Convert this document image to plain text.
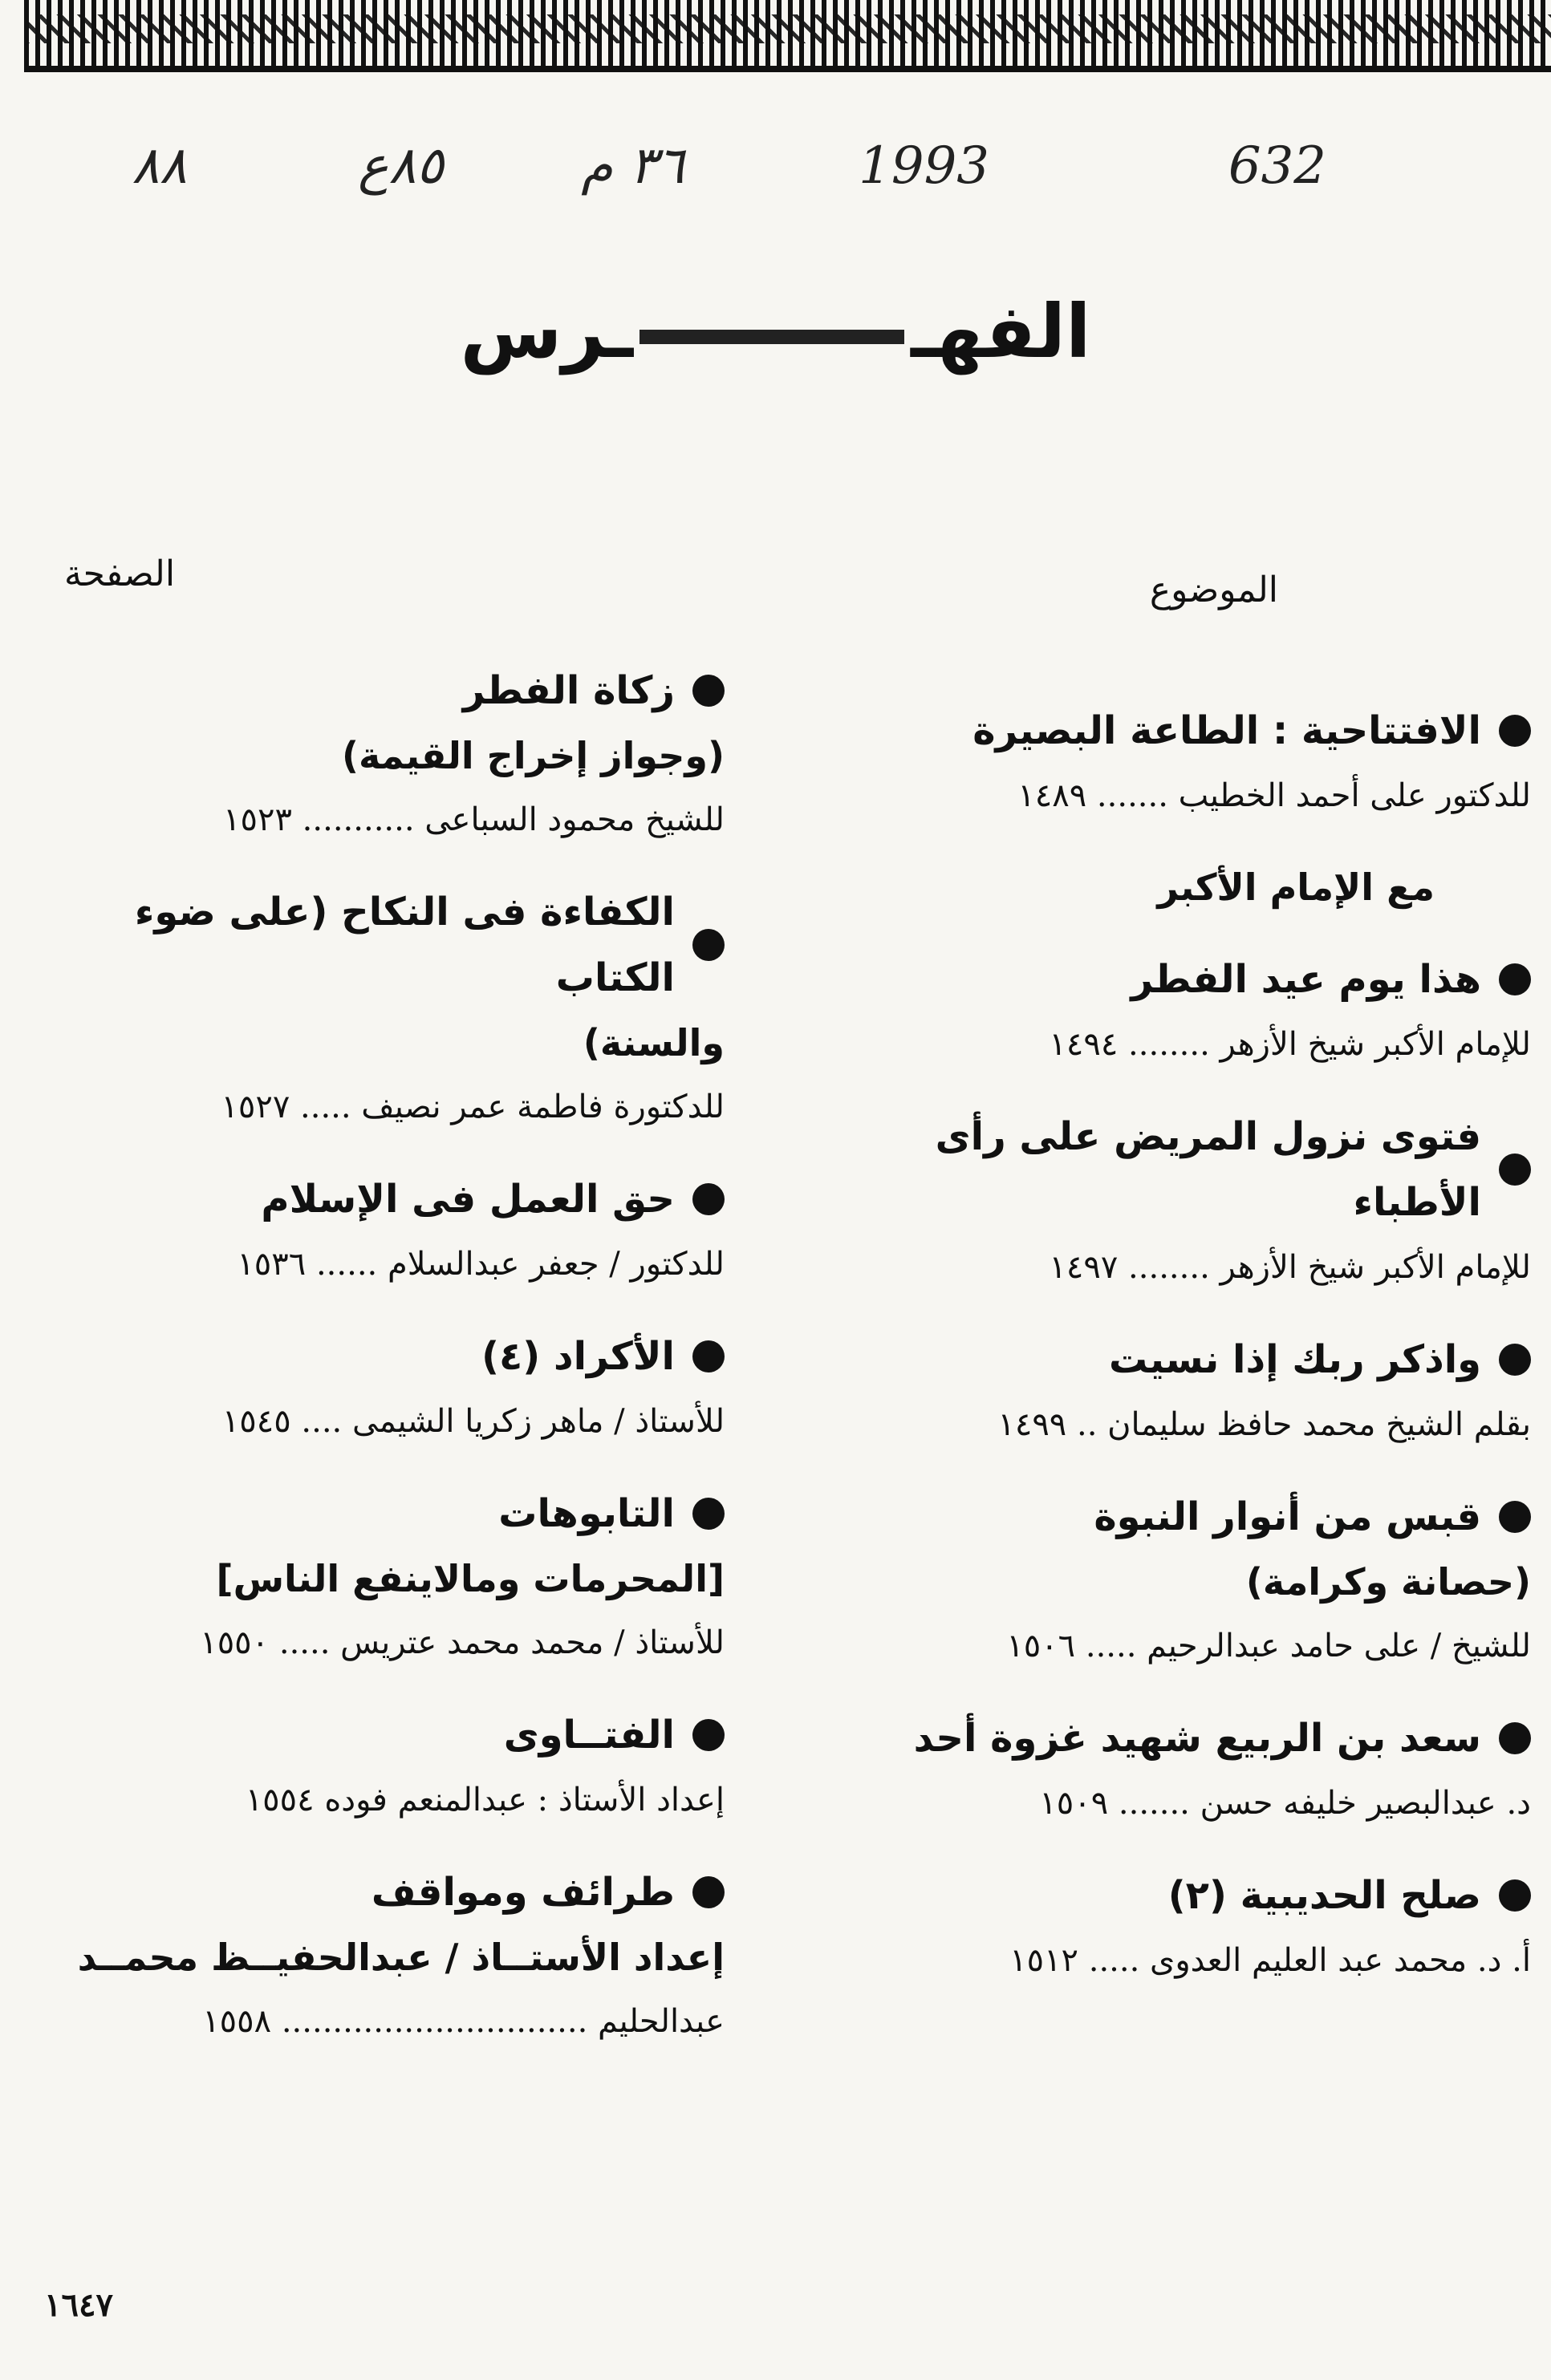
٨٨	٨٥ع	٣٦ م	1993	632
الفهــرس
الصفحة	الموضوع
الافتتاحية : الطاعة البصيرة
للدكتور على أحمد الخطيب ....... ١٤٨٩
مع الإمام الأكبر
هذا يوم عيد الفطر
للإمام الأكبر شيخ الأزهر ........ ١٤٩٤
فتوى نزول المريض على رأى الأطباء
للإمام الأكبر شيخ الأزهر ........ ١٤٩٧
واذكر ربك إذا نسيت
بقلم الشيخ محمد حافظ سليمان .. ١٤٩٩
قبس من أنوار النبوة
(حصانة وكرامة)
للشيخ / على حامد عبدالرحيم ..... ١٥٠٦
سعد بن الربيع شهيد غزوة أحد
د. عبدالبصير خليفه حسن ....... ١٥٠٩
صلح الحديبية (٢)
أ. د. محمد عبد العليم العدوى ..... ١٥١٢
زكاة الفطر
(وجواز إخراج القيمة)
للشيخ محمود السباعى ........... ١٥٢٣
الكفاءة فى النكاح (على ضوء الكتاب
والسنة)
للدكتورة فاطمة عمر نصيف ..... ١٥٢٧
حق العمل فى الإسلام
للدكتور / جعفر عبدالسلام ...... ١٥٣٦
الأكراد (٤)
للأستاذ / ماهر زكريا الشيمى .... ١٥٤٥
التابوهات
[المحرمات ومالاينفع الناس]
للأستاذ / محمد محمد عتريس ..... ١٥٥٠
الفتــاوى
إعداد الأستاذ : عبدالمنعم فوده ١٥٥٤
طرائف ومواقف
إعداد الأستــاذ / عبدالحفيــظ محمــد
عبدالحليم .............................. ١٥٥٨
١٦٤٧
